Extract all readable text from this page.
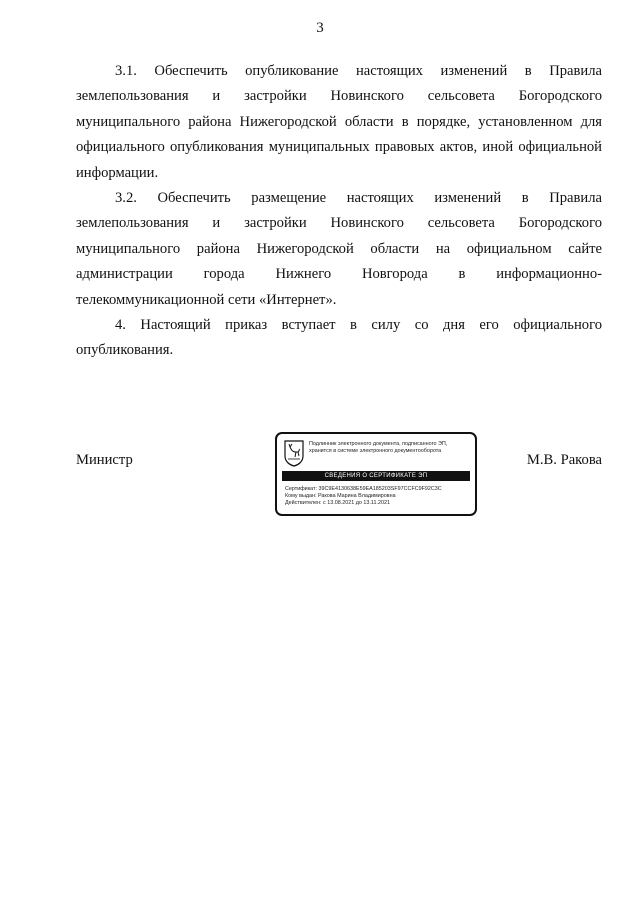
3

3.1. Обеспечить опубликование настоящих изменений в Правила землепользования и застройки Новинского сельсовета Богородского муниципального района Нижегородской области в порядке, установленном для официального опубликования муниципальных правовых актов, иной официальной информации.

3.2. Обеспечить размещение настоящих изменений в Правила землепользования и застройки Новинского сельсовета Богородского муниципального района Нижегородской области на официальном сайте администрации города Нижнего Новгорода в информационно-телекоммуникационной сети «Интернет».

4. Настоящий приказ вступает в силу со дня его официального опубликования.

Министр
Подлинник электронного документа, подписанного ЭП,
хранится в системе электронного документооборота
СВЕДЕНИЯ О СЕРТИФИКАТЕ ЭП
Сертификат: 39C9E4130638E59EA185203SF97CCFC9F92C3C
Кому выдан: Ракова Марина Владимировна
Действителен: с 13.08.2021 до 13.11.2021
М.В. Ракова
